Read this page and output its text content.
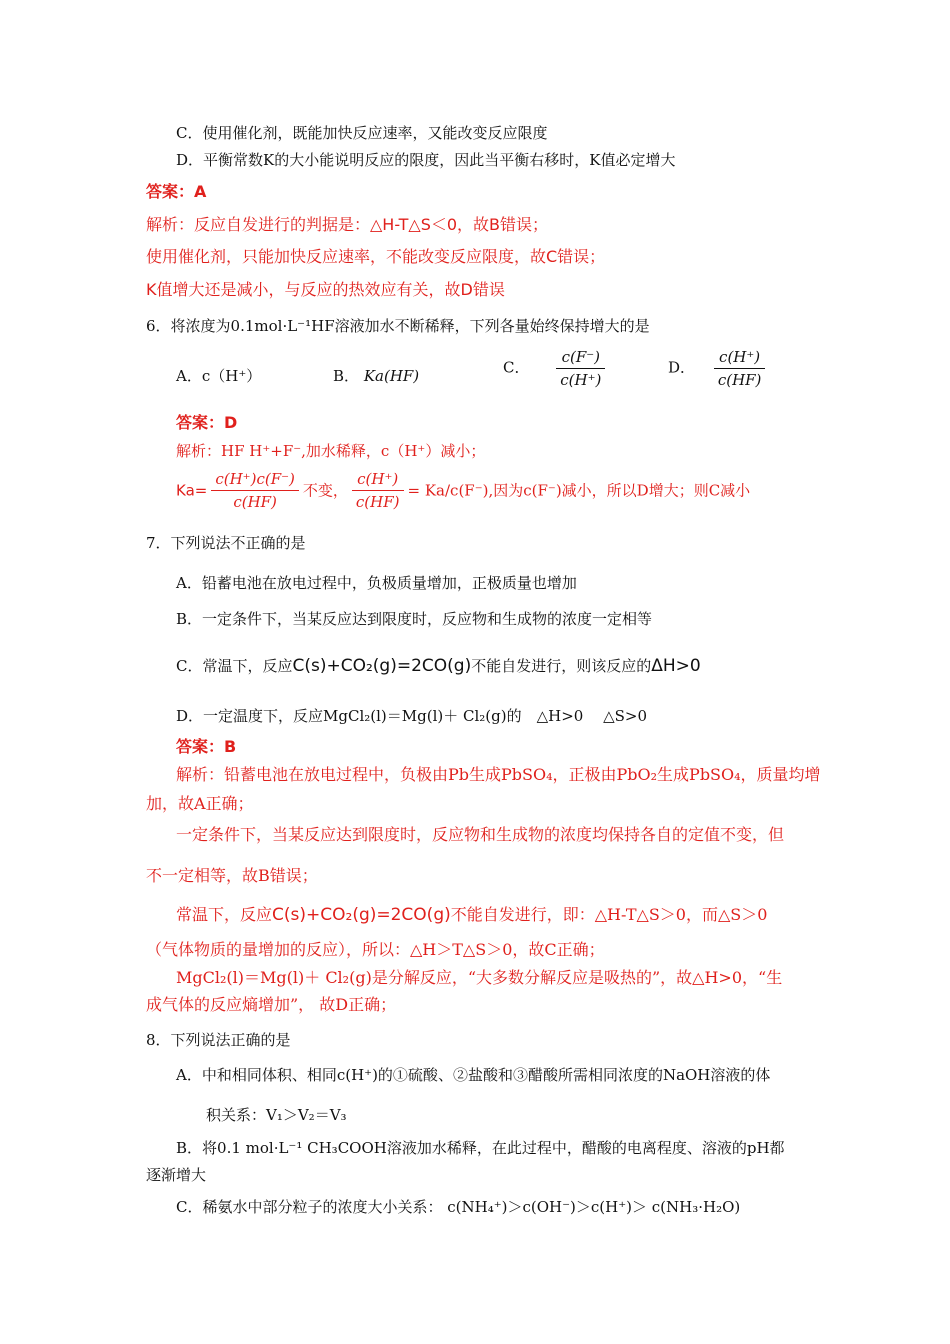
C．使用催化剂，既能加快反应速率，又能改变反应限度
D．平衡常数K的大小能说明反应的限度，因此当平衡右移时，K值必定增大
答案：A
解析：反应自发进行的判据是：△H-T△S＜0，故B错误；
使用催化剂，只能加快反应速率，不能改变反应限度，故C错误；
K值增大还是减小，与反应的热效应有关，故D错误
6．将浓度为0.1mol·L⁻¹HF溶液加水不断稀释，下列各量始终保持增大的是
A．c（H⁺）	B． Ka(HF)	C． $\frac{c(F^-)}{c(H^+)}$	D． $\frac{c(H^+)}{c(HF)}$
答案：D
解析：HF H⁺+F⁻,加水稀释，c（H⁺）减小；
$Ka= \frac{c(H^+)c(F^-)}{c(HF)}$ 不变， $\frac{c(H^+)}{c(HF)} = Ka/c(F^-)$,因为c(F⁻)减小，所以D增大；则C减小
7．下列说法不正确的是
A．铅蓄电池在放电过程中，负极质量增加，正极质量也增加
B．一定条件下，当某反应达到限度时，反应物和生成物的浓度一定相等
C．常温下，反应C(s)+CO₂(g)=2CO(g)不能自发进行，则该反应的ΔH>0
D．一定温度下，反应MgCl₂(l)＝Mg(l)＋ Cl₂(g)的　△H>0　 △S>0
答案：B
解析：铅蓄电池在放电过程中，负极由Pb生成PbSO₄，正极由PbO₂生成PbSO₄，质量均增
加，故A正确；
一定条件下，当某反应达到限度时，反应物和生成物的浓度均保持各自的定值不变，但
不一定相等，故B错误；
常温下，反应C(s)+CO₂(g)=2CO(g)不能自发进行，即：△H-T△S＞0，而△S＞0
（气体物质的量增加的反应），所以：△H＞T△S＞0，故C正确；
MgCl₂(l)＝Mg(l)＋ Cl₂(g)是分解反应，“大多数分解反应是吸热的”，故△H>0，“生
成气体的反应熵增加”， 故D正确；
8．下列说法正确的是
A．中和相同体积、相同c(H⁺)的①硫酸、②盐酸和③醋酸所需相同浓度的NaOH溶液的体
积关系：V₁＞V₂＝V₃
B．将0.1 mol·L⁻¹ CH₃COOH溶液加水稀释，在此过程中，醋酸的电离程度、溶液的pH都
逐渐增大
C．稀氨水中部分粒子的浓度大小关系： c(NH₄⁺)＞c(OH⁻)＞c(H⁺)＞ c(NH₃·H₂O)
